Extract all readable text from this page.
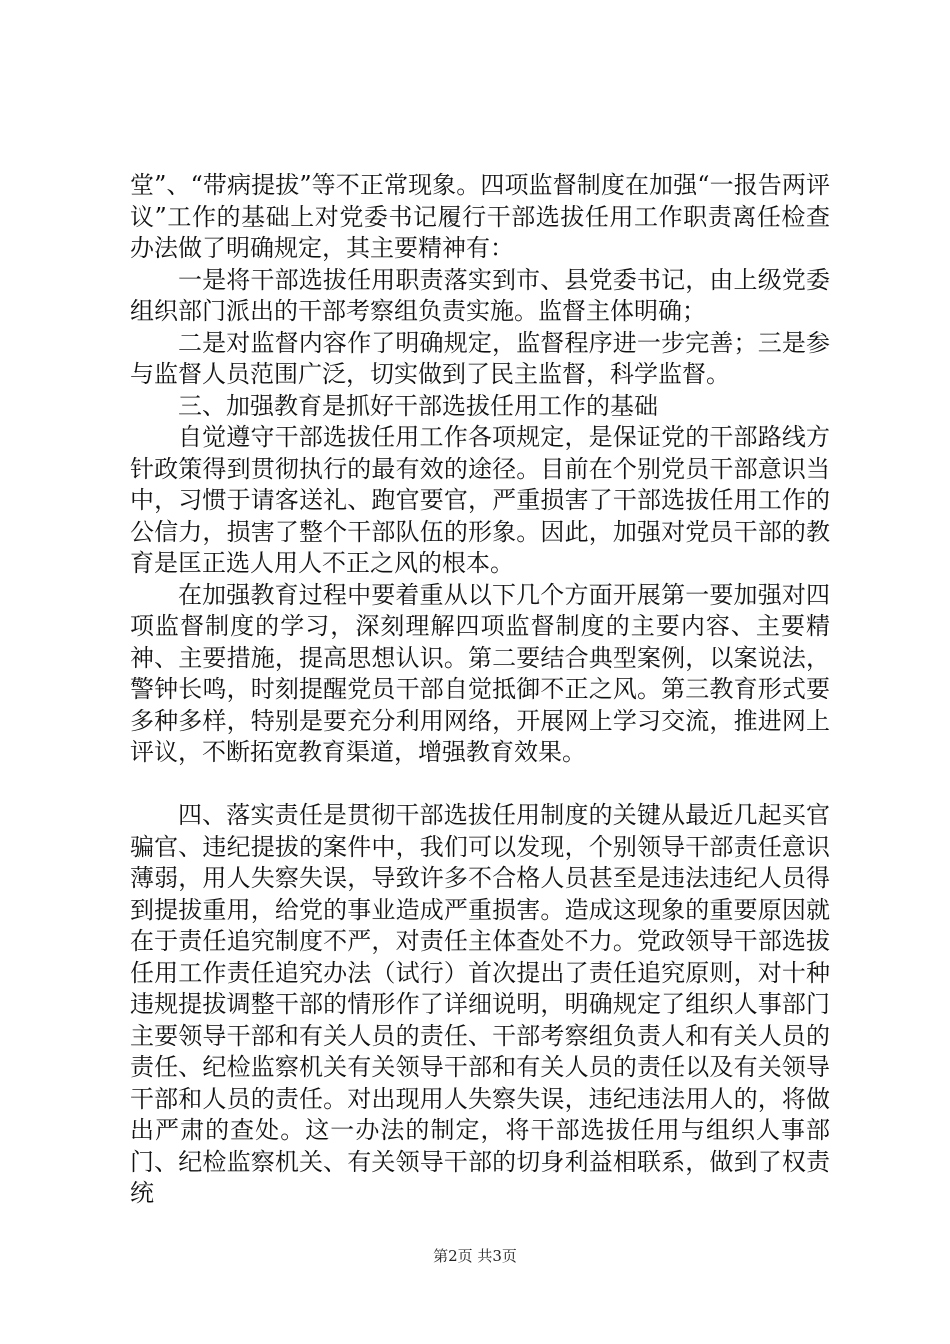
堂”、“带病提拔”等不正常现象。四项监督制度在加强“一报告两评议”工作的基础上对党委书记履行干部选拔任用工作职责离任检查办法做了明确规定，其主要精神有：

一是将干部选拔任用职责落实到市、县党委书记，由上级党委组织部门派出的干部考察组负责实施。监督主体明确；

二是对监督内容作了明确规定，监督程序进一步完善；三是参与监督人员范围广泛，切实做到了民主监督，科学监督。

三、加强教育是抓好干部选拔任用工作的基础

自觉遵守干部选拔任用工作各项规定，是保证党的干部路线方针政策得到贯彻执行的最有效的途径。目前在个别党员干部意识当中，习惯于请客送礼、跑官要官，严重损害了干部选拔任用工作的公信力，损害了整个干部队伍的形象。因此，加强对党员干部的教育是匡正选人用人不正之风的根本。

在加强教育过程中要着重从以下几个方面开展第一要加强对四项监督制度的学习，深刻理解四项监督制度的主要内容、主要精神、主要措施，提高思想认识。第二要结合典型案例，以案说法，警钟长鸣，时刻提醒党员干部自觉抵御不正之风。第三教育形式要多种多样，特别是要充分利用网络，开展网上学习交流，推进网上评议，不断拓宽教育渠道，增强教育效果。

四、落实责任是贯彻干部选拔任用制度的关键从最近几起买官骗官、违纪提拔的案件中，我们可以发现，个别领导干部责任意识薄弱，用人失察失误，导致许多不合格人员甚至是违法违纪人员得到提拔重用，给党的事业造成严重损害。造成这现象的重要原因就在于责任追究制度不严，对责任主体查处不力。党政领导干部选拔任用工作责任追究办法（试行）首次提出了责任追究原则，对十种违规提拔调整干部的情形作了详细说明，明确规定了组织人事部门主要领导干部和有关人员的责任、干部考察组负责人和有关人员的责任、纪检监察机关有关领导干部和有关人员的责任以及有关领导干部和人员的责任。对出现用人失察失误，违纪违法用人的，将做出严肃的查处。这一办法的制定，将干部选拔任用与组织人事部门、纪检监察机关、有关领导干部的切身利益相联系，做到了权责统

第2页 共3页
